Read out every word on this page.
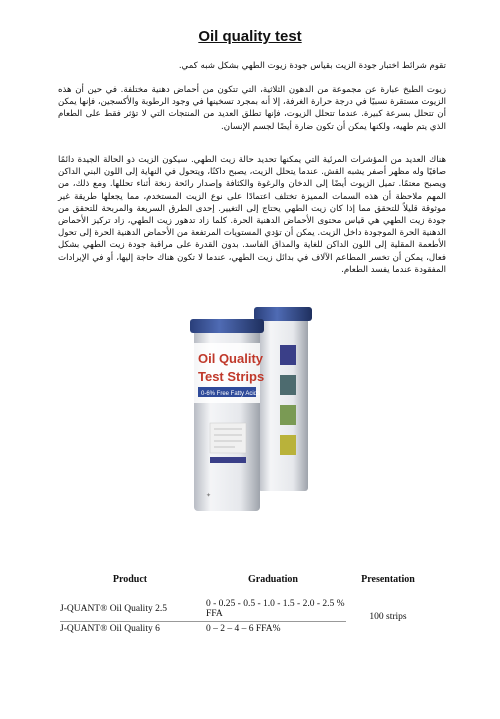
Oil quality test

تقوم شرائط اختبار جودة الزيت بقياس جودة زيوت الطهي بشكل شبه كمي.

زيوت الطبخ عبارة عن مجموعة من الدهون الثلاثية، التي تتكون من أحماض دهنية مختلفة. في حين أن هذه الزيوت مستقرة نسبيًا في درجة حرارة الغرفة، إلا أنه بمجرد تسخينها في وجود الرطوبة والأكسجين، فإنها يمكن أن تتحلل بسرعة كبيرة. عندما تتحلل الزيوت، فإنها تطلق العديد من المنتجات التي لا تؤثر فقط على الطعام الذي يتم طهيه، ولكنها يمكن أن تكون ضارة أيضًا لجسم الإنسان.

هناك العديد من المؤشرات المرئية التي يمكنها تحديد حالة زيت الطهي. سيكون الزيت ذو الحالة الجيدة دائمًا صافيًا وله مظهر أصفر يشبه القش. عندما يتحلل الزيت، يصبح داكنًا، ويتحول في النهاية إلى اللون البني الداكن ويصبح معتمًا. تميل الزيوت أيضًا إلى الدخان والرغوة والكثافة وإصدار رائحة زنخة أثناء تحللها. ومع ذلك، من المهم ملاحظة أن هذه السمات المميزة تختلف اعتمادًا على نوع الزيت المستخدم، مما يجعلها طريقة غير موثوقة قليلاً للتحقق مما إذا كان زيت الطهي يحتاج إلى التغيير. إحدى الطرق السريعة والمربحة للتحقق من جودة زيت الطهي هي قياس محتوى الأحماض الدهنية الحرة. كلما زاد تدهور زيت الطهي، زاد تركيز الأحماض الدهنية الحرة الموجودة داخل الزيت. يمكن أن تؤدي المستويات المرتفعة من الأحماض الدهنية الحرة إلى تحول الأطعمة المقلية إلى اللون الداكن للغاية والمذاق الفاسد. بدون القدرة على مراقبة جودة زيت الطهي بشكل فعال، يمكن أن تخسر المطاعم الآلاف في بدائل زيت الطهي، عندما لا تكون هناك حاجة إليها، أو في الإيرادات المفقودة عندما يفسد الطعام.

Oil Quality
Test Strips
0-6% Free Fatty Acids
✦
Product	Graduation	Presentation
J-QUANT® Oil Quality 2.5	0 - 0.25 - 0.5 - 1.0 - 1.5 - 2.0 - 2.5 % FFA	100 strips

J-QUANT® Oil Quality 6	0 – 2 – 4 – 6 FFA%	
